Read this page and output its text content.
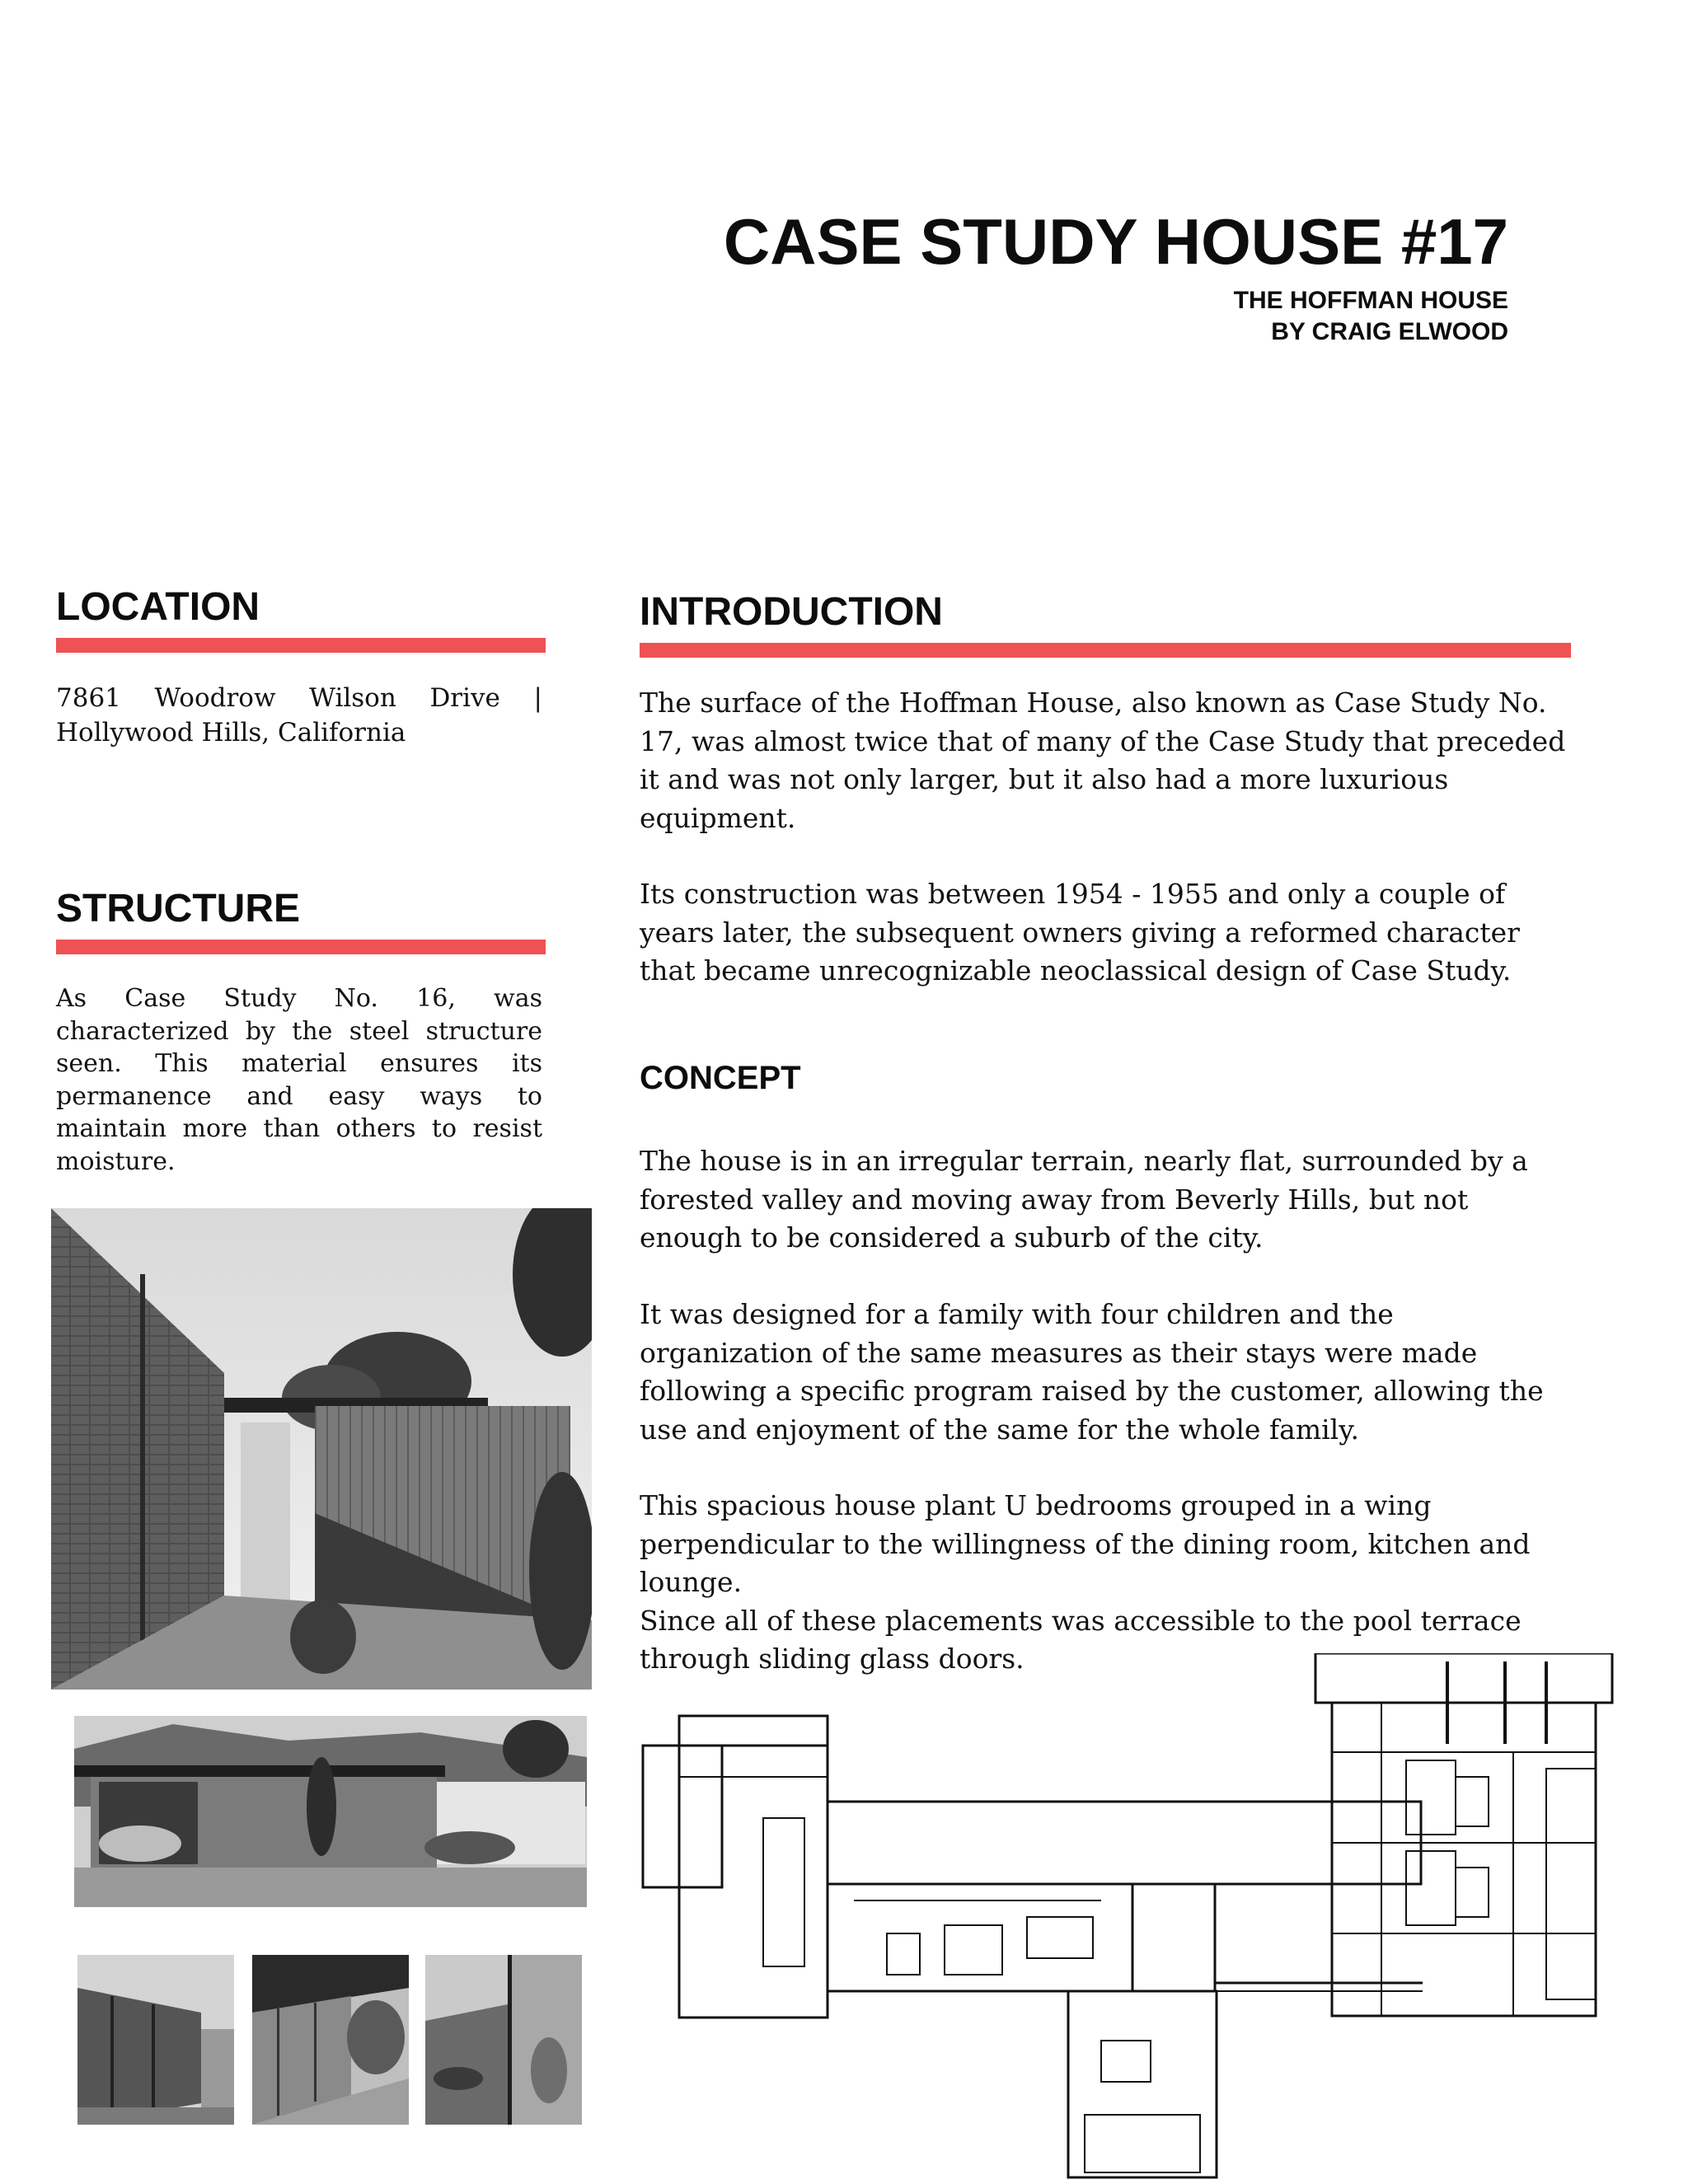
CASE STUDY HOUSE #17
THE HOFFMAN HOUSE
BY CRAIG ELWOOD
LOCATION
7861 Woodrow Wilson Drive | Hollywood Hills, California
STRUCTURE
As Case Study No. 16, was characterized by the steel structure seen. This material ensures its permanence and easy ways to maintain more than others to resist moisture.
INTRODUCTION
The surface of the Hoffman House, also known as Case Study No. 17, was almost twice that of many of the Case Study that preceded it and was not only larger, but it also had a more luxurious equipment.
Its construction was between 1954 - 1955 and only a couple of years later, the subsequent owners giving a reformed character that became unrecognizable neoclassical design of Case Study.
CONCEPT
The house is in an irregular terrain, nearly flat, surrounded by a forested valley and moving away from Beverly Hills, but not enough to be considered a suburb of the city.
It was designed for a family with four children and the organization of the same measures as their stays were made following a specific program raised by the customer, allowing the use and enjoyment of the same for the whole family.
This spacious house plant U bedrooms grouped in a wing perpendicular to the willingness of the dining room, kitchen and lounge.
Since all of these placements was accessible to the pool terrace through sliding glass doors.
